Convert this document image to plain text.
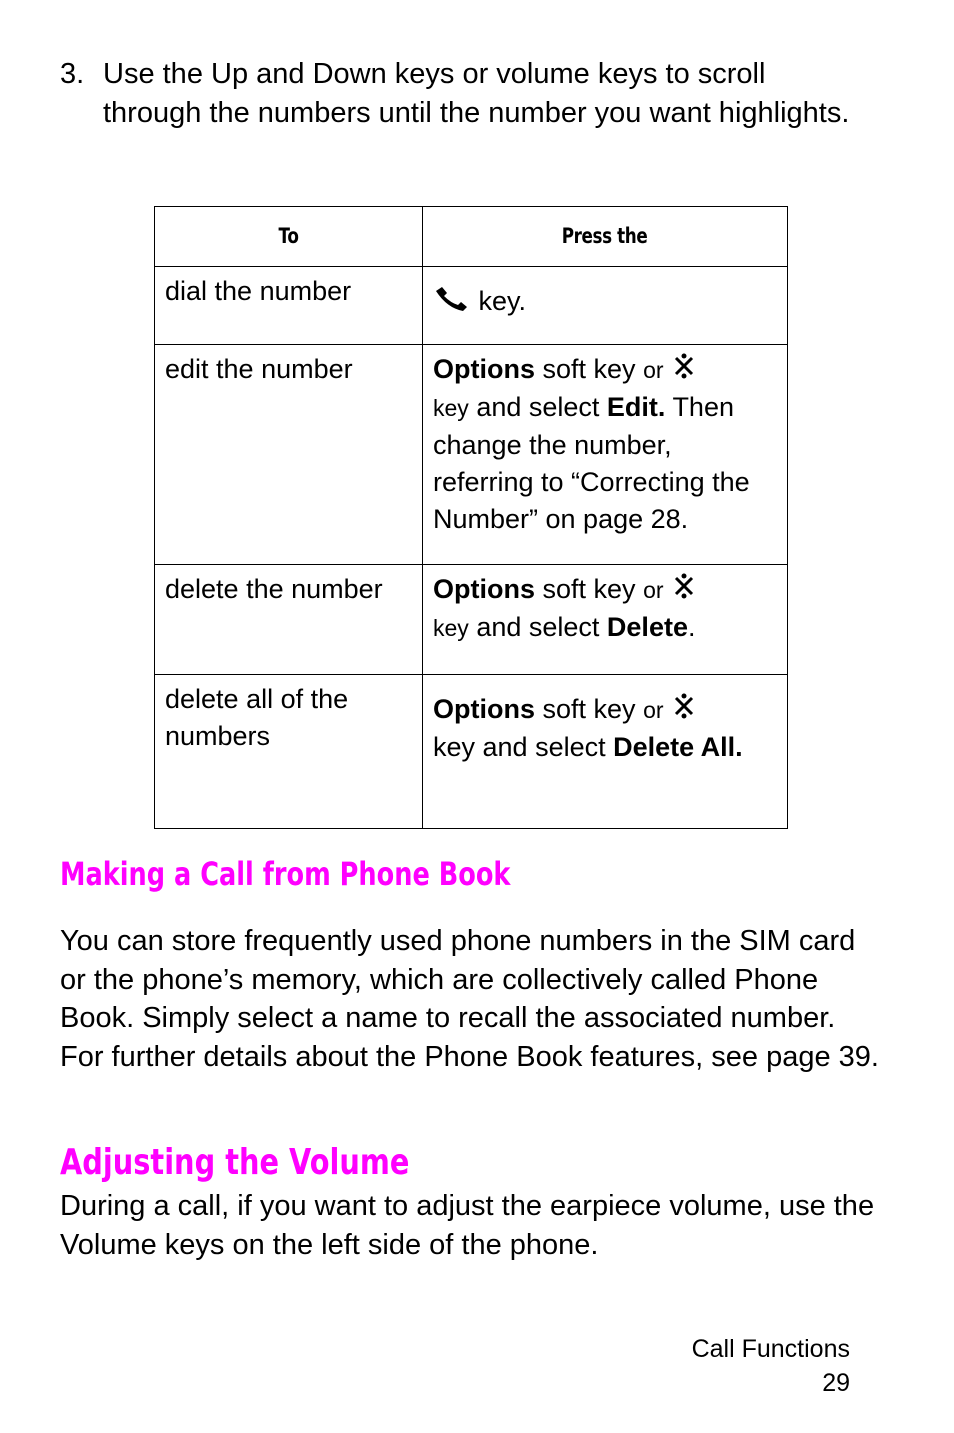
3. Use the Up and Down keys or volume keys to scroll through the numbers until the number you want highlights.
To	Press the
dial the number	key.
edit the number	Options soft key or
key and select Edit. Then change the number, referring to “Correcting the Number” on page 28.
delete the number	Options soft key or
key and select Delete.
delete all of the numbers	Options soft key or
key and select Delete All.
Making a Call from Phone Book
You can store frequently used phone numbers in the SIM card or the phone’s memory, which are collectively called Phone Book. Simply select a name to recall the associated number. For further details about the Phone Book features, see page 39.
Adjusting the Volume
During a call, if you want to adjust the earpiece volume, use the Volume keys on the left side of the phone.
Call Functions
29
